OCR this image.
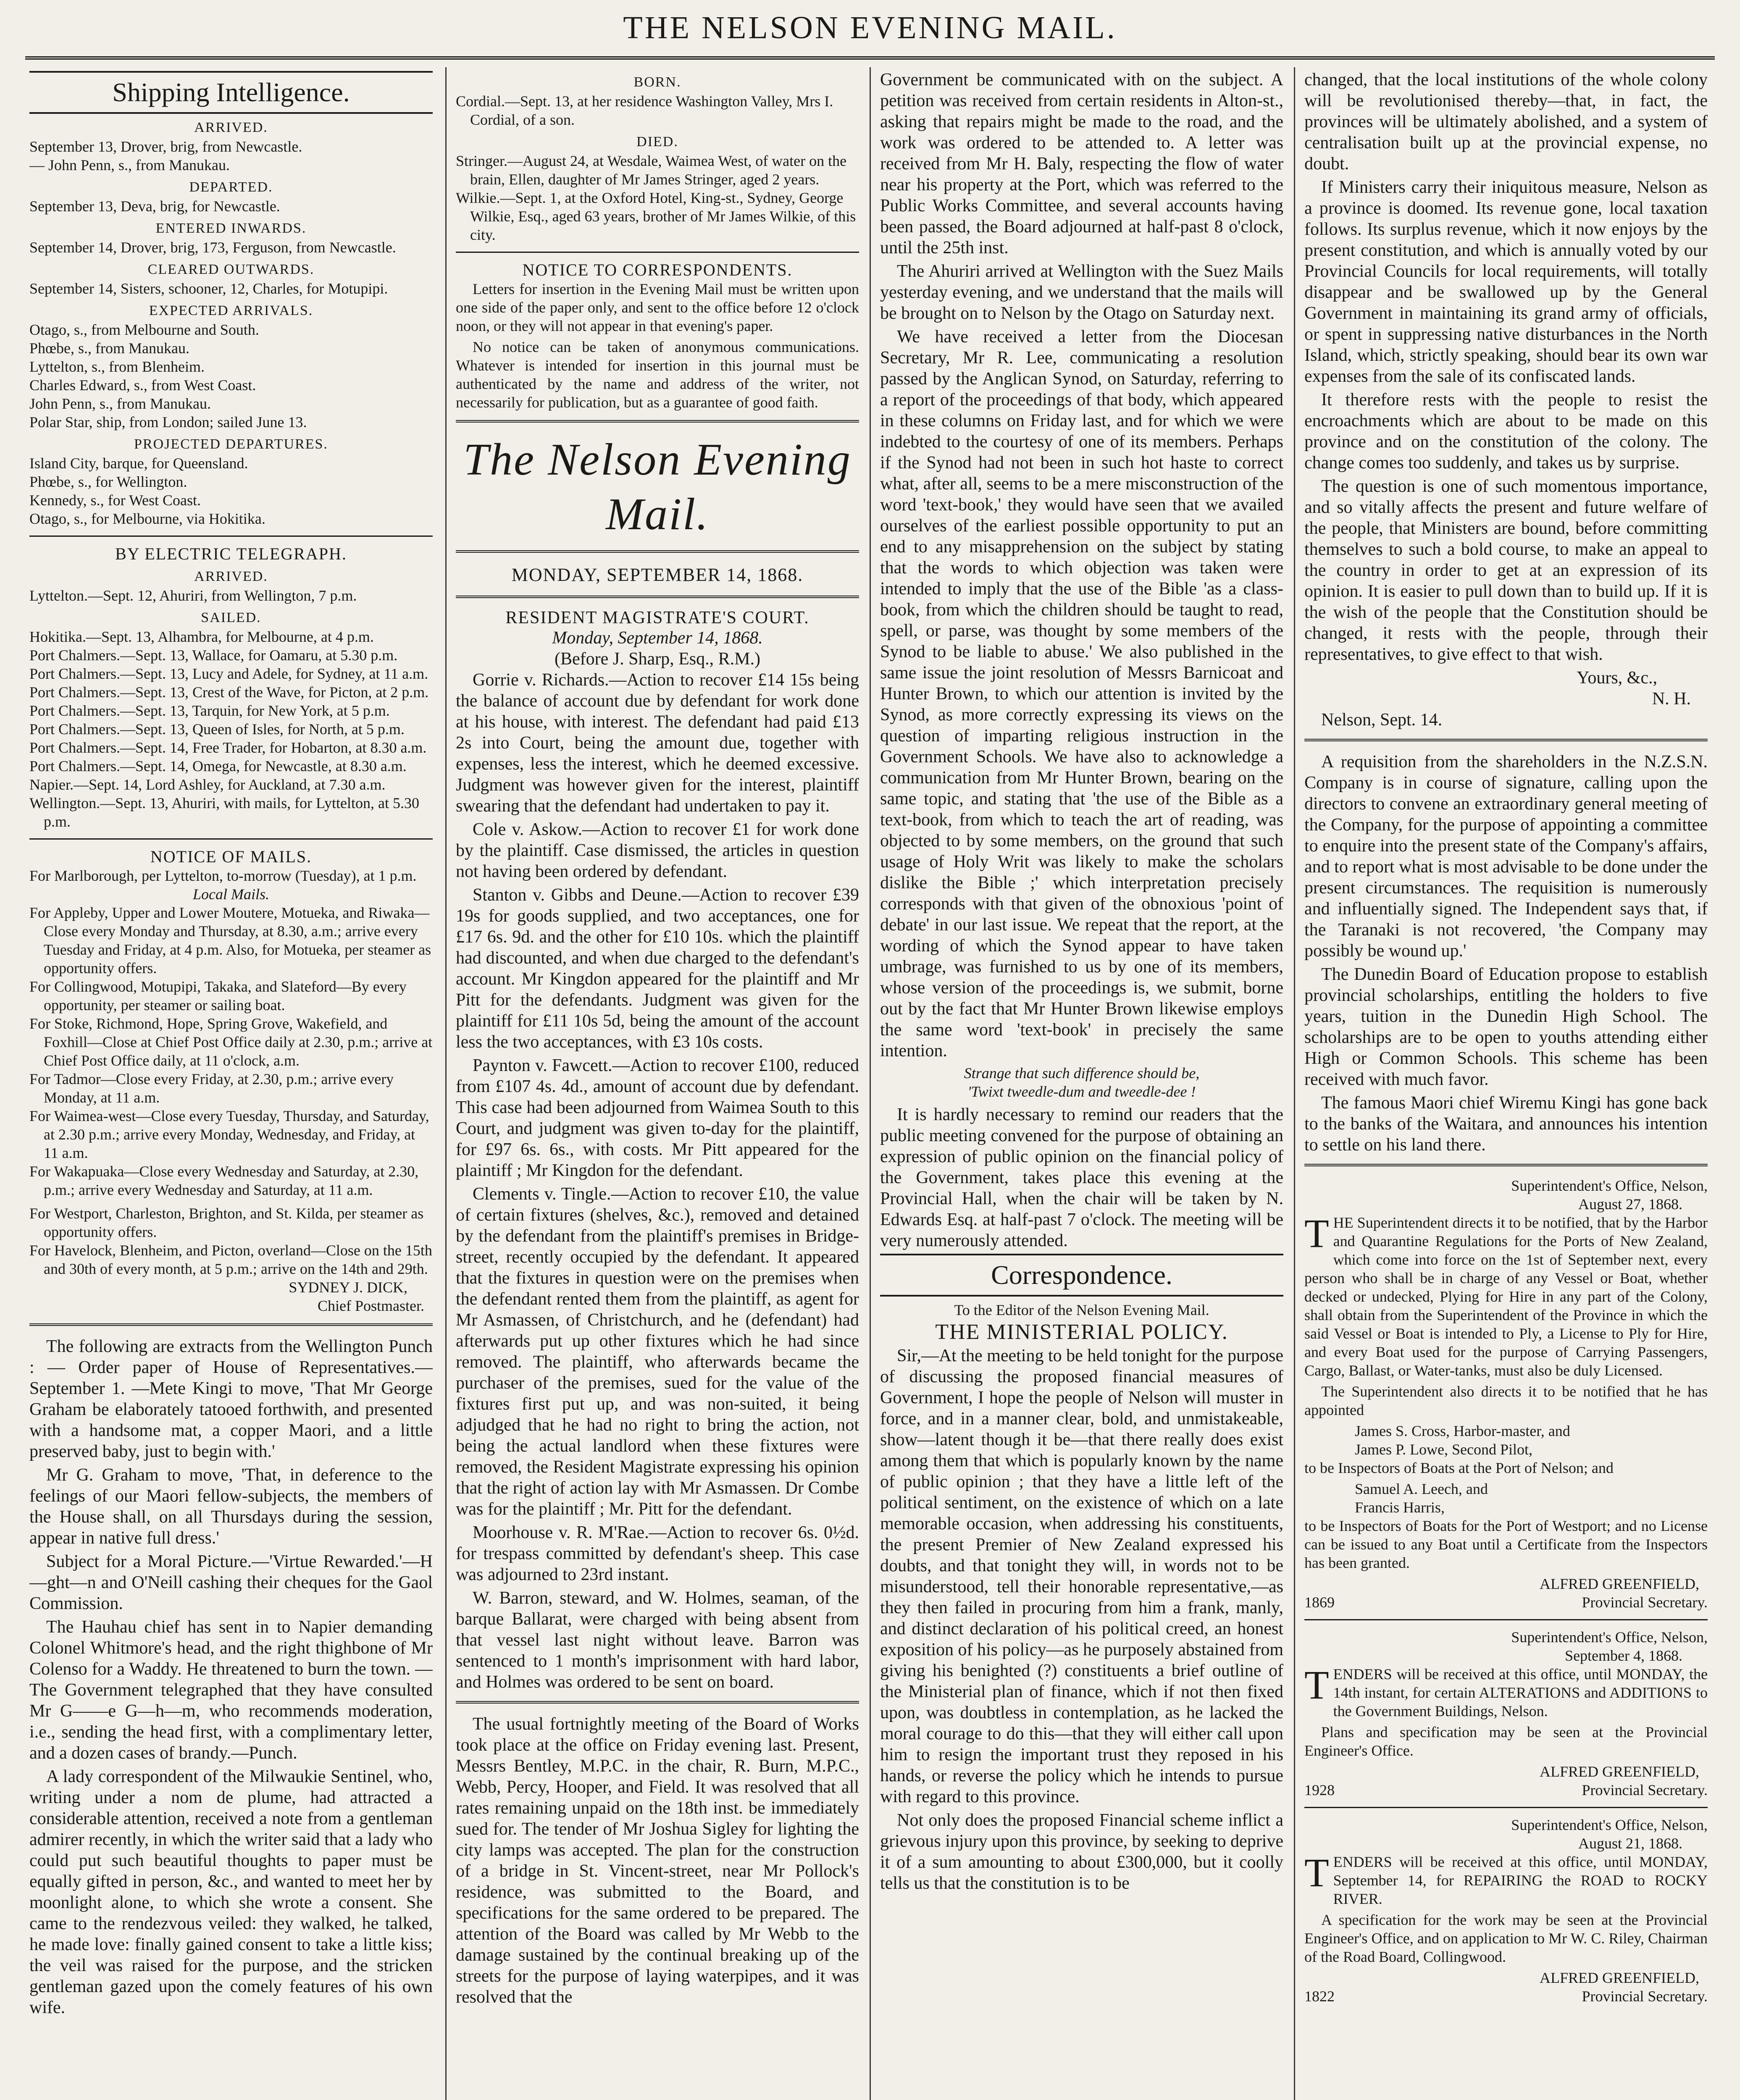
THE NELSON EVENING MAIL.
Shipping Intelligence.
ARRIVED.

September 13, Drover, brig, from Newcastle.

— John Penn, s., from Manukau.

DEPARTED.

September 13, Deva, brig, for Newcastle.

ENTERED INWARDS.

September 14, Drover, brig, 173, Ferguson, from Newcastle.

CLEARED OUTWARDS.

September 14, Sisters, schooner, 12, Charles, for Motupipi.

EXPECTED ARRIVALS.

Otago, s., from Melbourne and South.

Phœbe, s., from Manukau.

Lyttelton, s., from Blenheim.

Charles Edward, s., from West Coast.

John Penn, s., from Manukau.

Polar Star, ship, from London; sailed June 13.

PROJECTED DEPARTURES.

Island City, barque, for Queensland.

Phœbe, s., for Wellington.

Kennedy, s., for West Coast.

Otago, s., for Melbourne, via Hokitika.

BY ELECTRIC TELEGRAPH.
ARRIVED.

Lyttelton.—Sept. 12, Ahuriri, from Wellington, 7 p.m.

SAILED.

Hokitika.—Sept. 13, Alhambra, for Melbourne, at 4 p.m.

Port Chalmers.—Sept. 13, Wallace, for Oamaru, at 5.30 p.m.

Port Chalmers.—Sept. 13, Lucy and Adele, for Sydney, at 11 a.m.

Port Chalmers.—Sept. 13, Crest of the Wave, for Picton, at 2 p.m.

Port Chalmers.—Sept. 13, Tarquin, for New York, at 5 p.m.

Port Chalmers.—Sept. 13, Queen of Isles, for North, at 5 p.m.

Port Chalmers.—Sept. 14, Free Trader, for Hobarton, at 8.30 a.m.

Port Chalmers.—Sept. 14, Omega, for Newcastle, at 8.30 a.m.

Napier.—Sept. 14, Lord Ashley, for Auckland, at 7.30 a.m.

Wellington.—Sept. 13, Ahuriri, with mails, for Lyttelton, at 5.30 p.m.

NOTICE OF MAILS.

For Marlborough, per Lyttelton, to-morrow (Tuesday), at 1 p.m.

Local Mails.

For Appleby, Upper and Lower Moutere, Motueka, and Riwaka—Close every Monday and Thursday, at 8.30, a.m.; arrive every Tuesday and Friday, at 4 p.m. Also, for Motueka, per steamer as opportunity offers.

For Collingwood, Motupipi, Takaka, and Slateford—By every opportunity, per steamer or sailing boat.

For Stoke, Richmond, Hope, Spring Grove, Wakefield, and Foxhill—Close at Chief Post Office daily at 2.30, p.m.; arrive at Chief Post Office daily, at 11 o'clock, a.m.

For Tadmor—Close every Friday, at 2.30, p.m.; arrive every Monday, at 11 a.m.

For Waimea-west—Close every Tuesday, Thursday, and Saturday, at 2.30 p.m.; arrive every Monday, Wednesday, and Friday, at 11 a.m.

For Wakapuaka—Close every Wednesday and Saturday, at 2.30, p.m.; arrive every Wednesday and Saturday, at 11 a.m.

For Westport, Charleston, Brighton, and St. Kilda, per steamer as opportunity offers.

For Havelock, Blenheim, and Picton, overland—Close on the 15th and 30th of every month, at 5 p.m.; arrive on the 14th and 29th.

SYDNEY J. DICK,
Chief Postmaster.

The following are extracts from the Wellington Punch : — Order paper of House of Representatives.—September 1. —Mete Kingi to move, 'That Mr George Graham be elaborately tatooed forthwith, and presented with a handsome mat, a copper Maori, and a little preserved baby, just to begin with.'

Mr G. Graham to move, 'That, in deference to the feelings of our Maori fellow-subjects, the members of the House shall, on all Thursdays during the session, appear in native full dress.'

Subject for a Moral Picture.—'Virtue Rewarded.'—H—ght—n and O'Neill cashing their cheques for the Gaol Commission.

The Hauhau chief has sent in to Napier demanding Colonel Whitmore's head, and the right thighbone of Mr Colenso for a Waddy. He threatened to burn the town. —The Government telegraphed that they have consulted Mr G——e G—h—m, who recommends moderation, i.e., sending the head first, with a complimentary letter, and a dozen cases of brandy.—Punch.

A lady correspondent of the Milwaukie Sentinel, who, writing under a nom de plume, had attracted a considerable attention, received a note from a gentleman admirer recently, in which the writer said that a lady who could put such beautiful thoughts to paper must be equally gifted in person, &c., and wanted to meet her by moonlight alone, to which she wrote a consent. She came to the rendezvous veiled: they walked, he talked, he made love: finally gained consent to take a little kiss; the veil was raised for the purpose, and the stricken gentleman gazed upon the comely features of his own wife.

BORN.

Cordial.—Sept. 13, at her residence Washington Valley, Mrs I. Cordial, of a son.

DIED.

Stringer.—August 24, at Wesdale, Waimea West, of water on the brain, Ellen, daughter of Mr James Stringer, aged 2 years.

Wilkie.—Sept. 1, at the Oxford Hotel, King-st., Sydney, George Wilkie, Esq., aged 63 years, brother of Mr James Wilkie, of this city.

NOTICE TO CORRESPONDENTS.

Letters for insertion in the Evening Mail must be written upon one side of the paper only, and sent to the office before 12 o'clock noon, or they will not appear in that evening's paper.

No notice can be taken of anonymous communications. Whatever is intended for insertion in this journal must be authenticated by the name and address of the writer, not necessarily for publication, but as a guarantee of good faith.

The Nelson Evening Mail.
MONDAY, SEPTEMBER 14, 1868.
RESIDENT MAGISTRATE'S COURT.
Monday, September 14, 1868.
(Before J. Sharp, Esq., R.M.)

Gorrie v. Richards.—Action to recover £14 15s being the balance of account due by defendant for work done at his house, with interest. The defendant had paid £13 2s into Court, being the amount due, together with expenses, less the interest, which he deemed excessive. Judgment was however given for the interest, plaintiff swearing that the defendant had undertaken to pay it.

Cole v. Askow.—Action to recover £1 for work done by the plaintiff. Case dismissed, the articles in question not having been ordered by defendant.

Stanton v. Gibbs and Deune.—Action to recover £39 19s for goods supplied, and two acceptances, one for £17 6s. 9d. and the other for £10 10s. which the plaintiff had discounted, and when due charged to the defendant's account. Mr Kingdon appeared for the plaintiff and Mr Pitt for the defendants. Judgment was given for the plaintiff for £11 10s 5d, being the amount of the account less the two acceptances, with £3 10s costs.

Paynton v. Fawcett.—Action to recover £100, reduced from £107 4s. 4d., amount of account due by defendant. This case had been adjourned from Waimea South to this Court, and judgment was given to-day for the plaintiff, for £97 6s. 6s., with costs. Mr Pitt appeared for the plaintiff ; Mr Kingdon for the defendant.

Clements v. Tingle.—Action to recover £10, the value of certain fixtures (shelves, &c.), removed and detained by the defendant from the plaintiff's premises in Bridge-street, recently occupied by the defendant. It appeared that the fixtures in question were on the premises when the defendant rented them from the plaintiff, as agent for Mr Asmassen, of Christchurch, and he (defendant) had afterwards put up other fixtures which he had since removed. The plaintiff, who afterwards became the purchaser of the premises, sued for the value of the fixtures first put up, and was non-suited, it being adjudged that he had no right to bring the action, not being the actual landlord when these fixtures were removed, the Resident Magistrate expressing his opinion that the right of action lay with Mr Asmassen. Dr Combe was for the plaintiff ; Mr. Pitt for the defendant.

Moorhouse v. R. M'Rae.—Action to recover 6s. 0½d. for trespass committed by defendant's sheep. This case was adjourned to 23rd instant.

W. Barron, steward, and W. Holmes, seaman, of the barque Ballarat, were charged with being absent from that vessel last night without leave. Barron was sentenced to 1 month's imprisonment with hard labor, and Holmes was ordered to be sent on board.

The usual fortnightly meeting of the Board of Works took place at the office on Friday evening last. Present, Messrs Bentley, M.P.C. in the chair, R. Burn, M.P.C., Webb, Percy, Hooper, and Field. It was resolved that all rates remaining unpaid on the 18th inst. be immediately sued for. The tender of Mr Joshua Sigley for lighting the city lamps was accepted. The plan for the construction of a bridge in St. Vincent-street, near Mr Pollock's residence, was submitted to the Board, and specifications for the same ordered to be prepared. The attention of the Board was called by Mr Webb to the damage sustained by the continual breaking up of the streets for the purpose of laying waterpipes, and it was resolved that the

Government be communicated with on the subject. A petition was received from certain residents in Alton-st., asking that repairs might be made to the road, and the work was ordered to be attended to. A letter was received from Mr H. Baly, respecting the flow of water near his property at the Port, which was referred to the Public Works Committee, and several accounts having been passed, the Board adjourned at half-past 8 o'clock, until the 25th inst.

The Ahuriri arrived at Wellington with the Suez Mails yesterday evening, and we understand that the mails will be brought on to Nelson by the Otago on Saturday next.

We have received a letter from the Diocesan Secretary, Mr R. Lee, communicating a resolution passed by the Anglican Synod, on Saturday, referring to a report of the proceedings of that body, which appeared in these columns on Friday last, and for which we were indebted to the courtesy of one of its members. Perhaps if the Synod had not been in such hot haste to correct what, after all, seems to be a mere misconstruction of the word 'text-book,' they would have seen that we availed ourselves of the earliest possible opportunity to put an end to any misapprehension on the subject by stating that the words to which objection was taken were intended to imply that the use of the Bible 'as a class-book, from which the children should be taught to read, spell, or parse, was thought by some members of the Synod to be liable to abuse.' We also published in the same issue the joint resolution of Messrs Barnicoat and Hunter Brown, to which our attention is invited by the Synod, as more correctly expressing its views on the question of imparting religious instruction in the Government Schools. We have also to acknowledge a communication from Mr Hunter Brown, bearing on the same topic, and stating that 'the use of the Bible as a text-book, from which to teach the art of reading, was objected to by some members, on the ground that such usage of Holy Writ was likely to make the scholars dislike the Bible ;' which interpretation precisely corresponds with that given of the obnoxious 'point of debate' in our last issue. We repeat that the report, at the wording of which the Synod appear to have taken umbrage, was furnished to us by one of its members, whose version of the proceedings is, we submit, borne out by the fact that Mr Hunter Brown likewise employs the same word 'text-book' in precisely the same intention.

Strange that such difference should be,
'Twixt tweedle-dum and tweedle-dee !

It is hardly necessary to remind our readers that the public meeting convened for the purpose of obtaining an expression of public opinion on the financial policy of the Government, takes place this evening at the Provincial Hall, when the chair will be taken by N. Edwards Esq. at half-past 7 o'clock. The meeting will be very numerously attended.

Correspondence.
To the Editor of the Nelson Evening Mail.
THE MINISTERIAL POLICY.

Sir,—At the meeting to be held tonight for the purpose of discussing the proposed financial measures of Government, I hope the people of Nelson will muster in force, and in a manner clear, bold, and unmistakeable, show—latent though it be—that there really does exist among them that which is popularly known by the name of public opinion ; that they have a little left of the political sentiment, on the existence of which on a late memorable occasion, when addressing his constituents, the present Premier of New Zealand expressed his doubts, and that tonight they will, in words not to be misunderstood, tell their honorable representative,—as they then failed in procuring from him a frank, manly, and distinct declaration of his political creed, an honest exposition of his policy—as he purposely abstained from giving his benighted (?) constituents a brief outline of the Ministerial plan of finance, which if not then fixed upon, was doubtless in contemplation, as he lacked the moral courage to do this—that they will either call upon him to resign the important trust they reposed in his hands, or reverse the policy which he intends to pursue with regard to this province.

Not only does the proposed Financial scheme inflict a grievous injury upon this province, by seeking to deprive it of a sum amounting to about £300,000, but it coolly tells us that the constitution is to be

changed, that the local institutions of the whole colony will be revolutionised thereby—that, in fact, the provinces will be ultimately abolished, and a system of centralisation built up at the provincial expense, no doubt.

If Ministers carry their iniquitous measure, Nelson as a province is doomed. Its revenue gone, local taxation follows. Its surplus revenue, which it now enjoys by the present constitution, and which is annually voted by our Provincial Councils for local requirements, will totally disappear and be swallowed up by the General Government in maintaining its grand army of officials, or spent in suppressing native disturbances in the North Island, which, strictly speaking, should bear its own war expenses from the sale of its confiscated lands.

It therefore rests with the people to resist the encroachments which are about to be made on this province and on the constitution of the colony. The change comes too suddenly, and takes us by surprise.

The question is one of such momentous importance, and so vitally affects the present and future welfare of the people, that Ministers are bound, before committing themselves to such a bold course, to make an appeal to the country in order to get at an expression of its opinion. It is easier to pull down than to build up. If it is the wish of the people that the Constitution should be changed, it rests with the people, through their representatives, to give effect to that wish.

Yours, &c.,
N. H.
Nelson, Sept. 14.

A requisition from the shareholders in the N.Z.S.N. Company is in course of signature, calling upon the directors to convene an extraordinary general meeting of the Company, for the purpose of appointing a committee to enquire into the present state of the Company's affairs, and to report what is most advisable to be done under the present circumstances. The requisition is numerously and influentially signed. The Independent says that, if the Taranaki is not recovered, 'the Company may possibly be wound up.'

The Dunedin Board of Education propose to establish provincial scholarships, entitling the holders to five years, tuition in the Dunedin High School. The scholarships are to be open to youths attending either High or Common Schools. This scheme has been received with much favor.

The famous Maori chief Wiremu Kingi has gone back to the banks of the Waitara, and announces his intention to settle on his land there.

Superintendent's Office, Nelson,
August 27, 1868.

THE Superintendent directs it to be notified, that by the Harbor and Quarantine Regulations for the Ports of New Zealand, which come into force on the 1st of September next, every person who shall be in charge of any Vessel or Boat, whether decked or undecked, Plying for Hire in any part of the Colony, shall obtain from the Superintendent of the Province in which the said Vessel or Boat is intended to Ply, a License to Ply for Hire, and every Boat used for the purpose of Carrying Passengers, Cargo, Ballast, or Water-tanks, must also be duly Licensed.

The Superintendent also directs it to be notified that he has appointed

James S. Cross, Harbor-master, and
James P. Lowe, Second Pilot,

to be Inspectors of Boats at the Port of Nelson; and

Samuel A. Leech, and
Francis Harris,

to be Inspectors of Boats for the Port of Westport; and no License can be issued to any Boat until a Certificate from the Inspectors has been granted.

ALFRED GREENFIELD,
1869	Provincial Secretary.
Superintendent's Office, Nelson,
September 4, 1868.

TENDERS will be received at this office, until MONDAY, the 14th instant, for certain ALTERATIONS and ADDITIONS to the Government Buildings, Nelson.

Plans and specification may be seen at the Provincial Engineer's Office.

ALFRED GREENFIELD,
1928	Provincial Secretary.
Superintendent's Office, Nelson,
August 21, 1868.

TENDERS will be received at this office, until MONDAY, September 14, for REPAIRING the ROAD to ROCKY RIVER.

A specification for the work may be seen at the Provincial Engineer's Office, and on application to Mr W. C. Riley, Chairman of the Road Board, Collingwood.

ALFRED GREENFIELD,
1822	Provincial Secretary.
